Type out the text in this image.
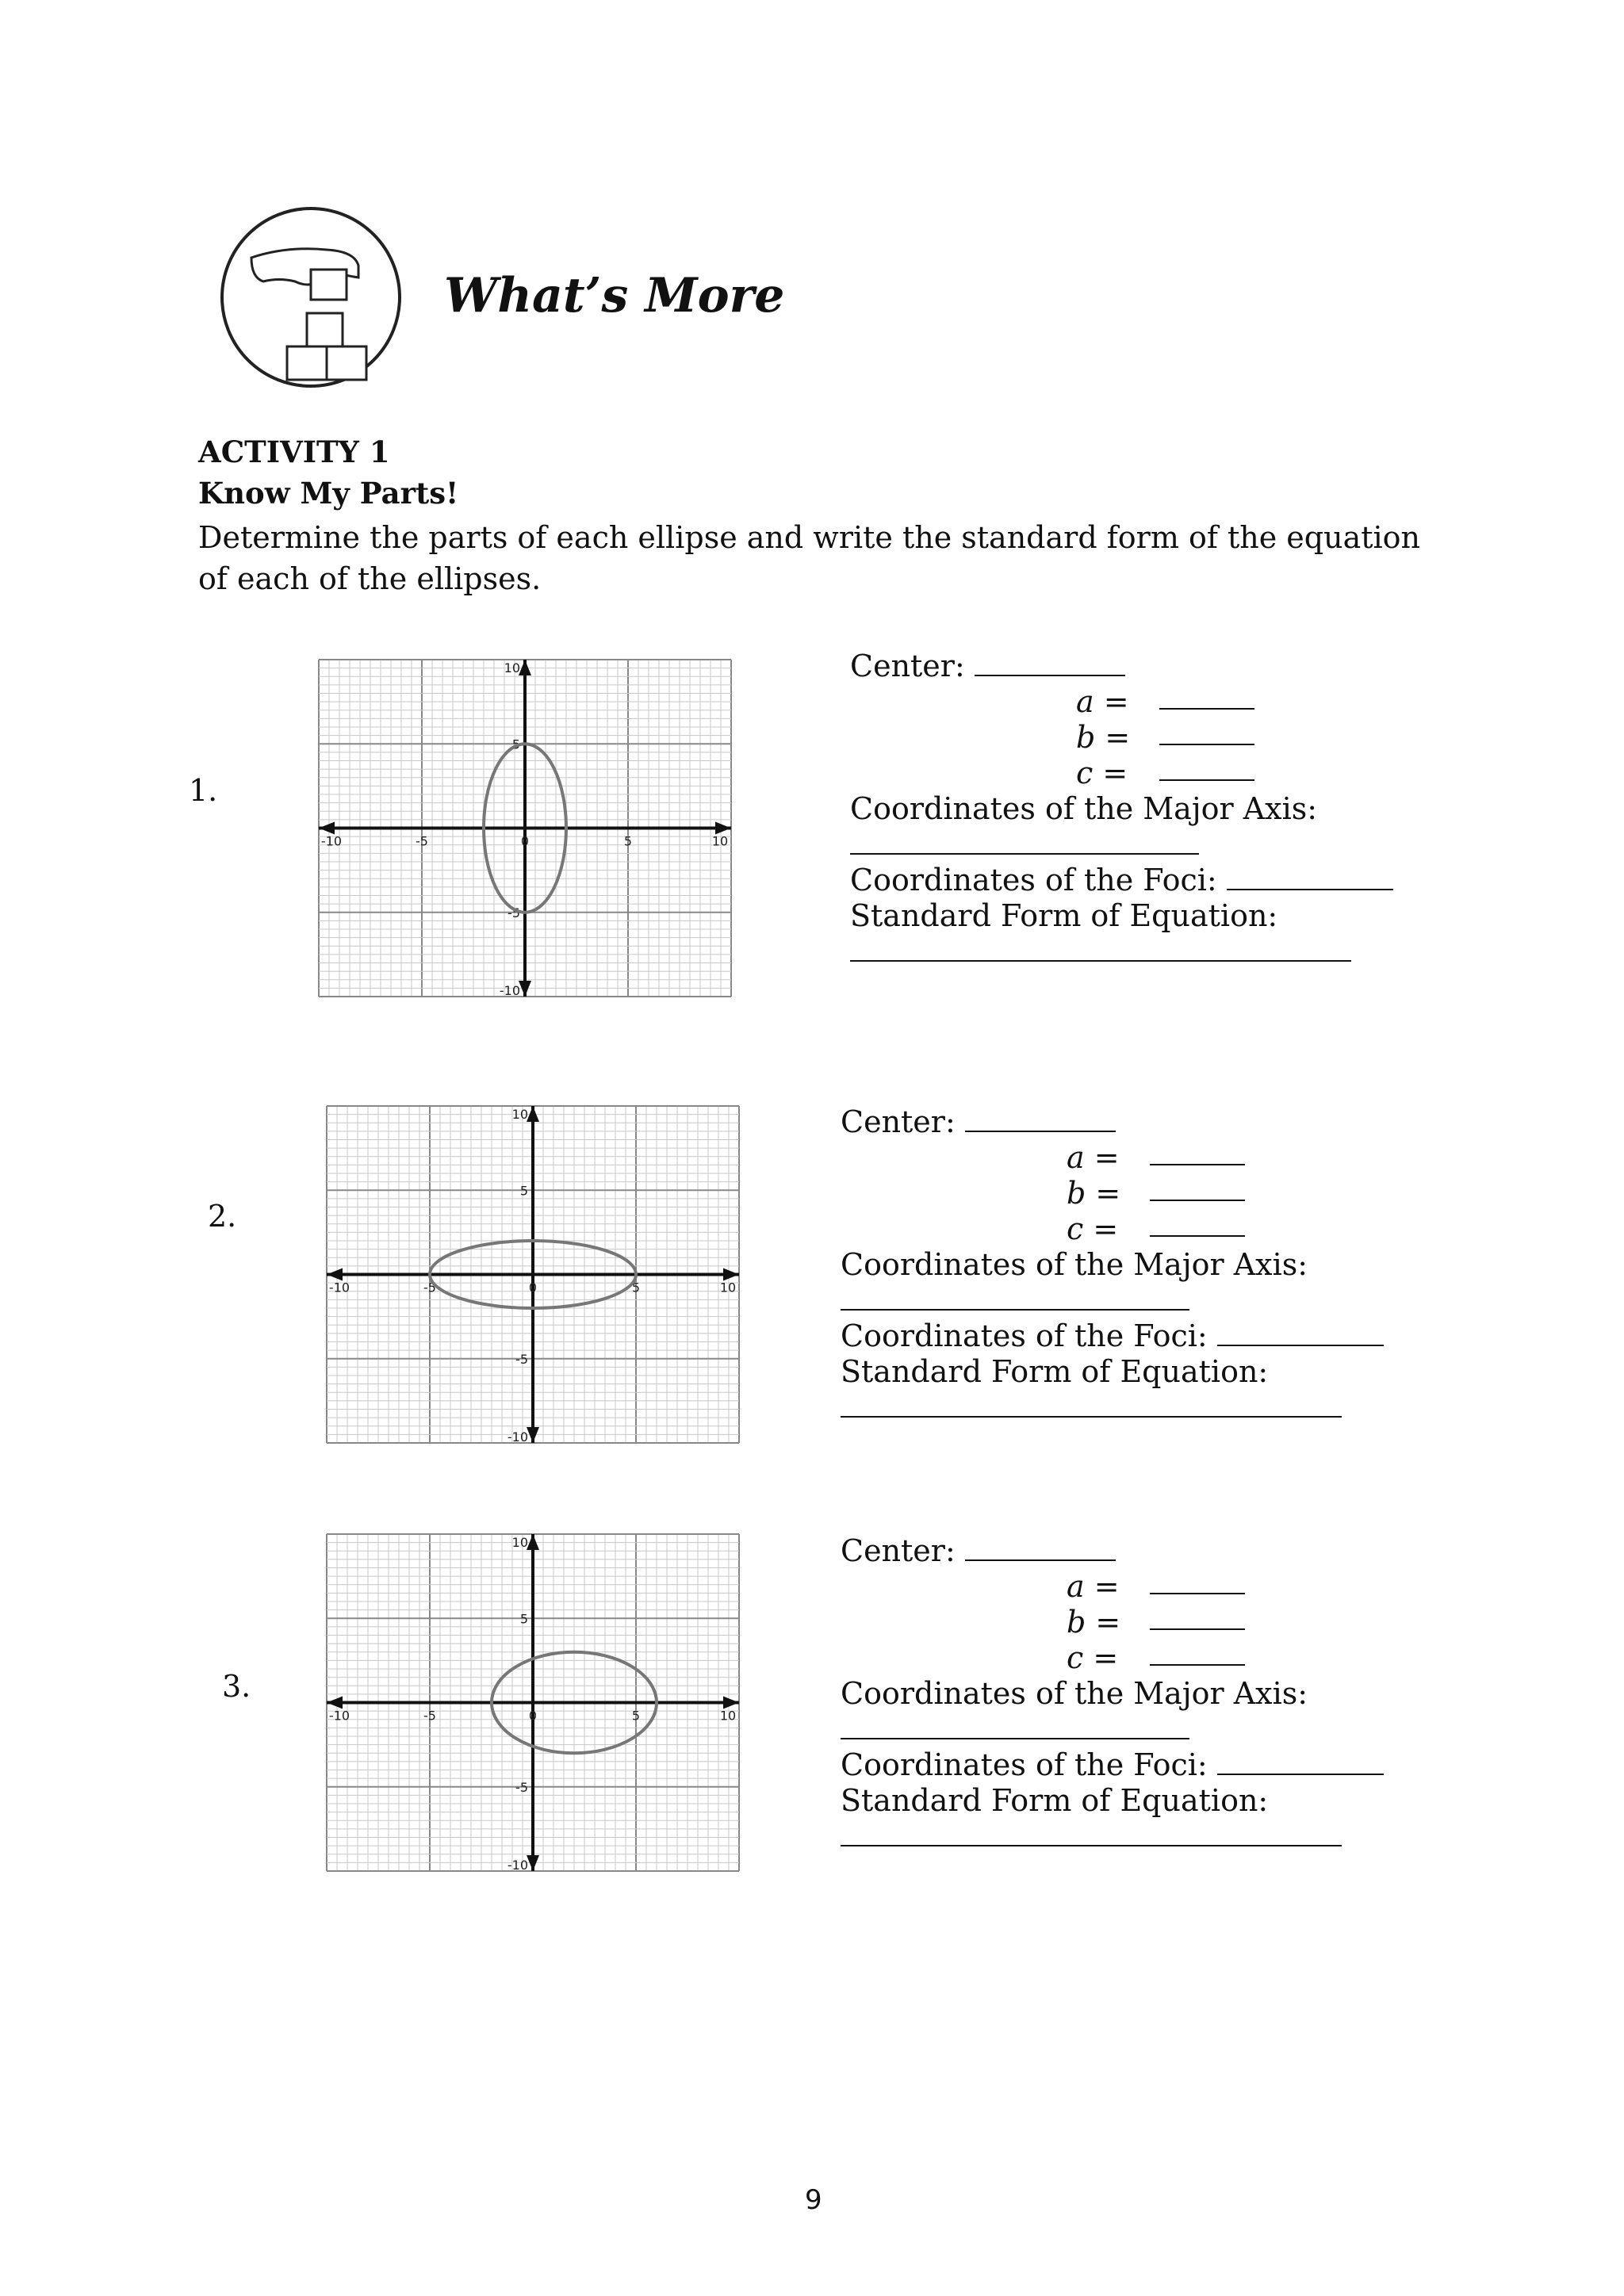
What’s More
ACTIVITY 1
Know My Parts!
Determine the parts of each ellipse and write the standard form of the equation of each of the ellipses.
1.
-10	-5	0	5	10
10
5
-5
-10
Center:
a =
b =
c =
Coordinates of the Major Axis:
Coordinates of the Foci:
Standard Form of Equation:
2.
-10	-5	0	5	10
10
5
-5
-10
Center:
a =
b =
c =
Coordinates of the Major Axis:
Coordinates of the Foci:
Standard Form of Equation:
3.
-10	-5	0	5	10
10
5
-5
-10
Center:
a =
b =
c =
Coordinates of the Major Axis:
Coordinates of the Foci:
Standard Form of Equation:
9
